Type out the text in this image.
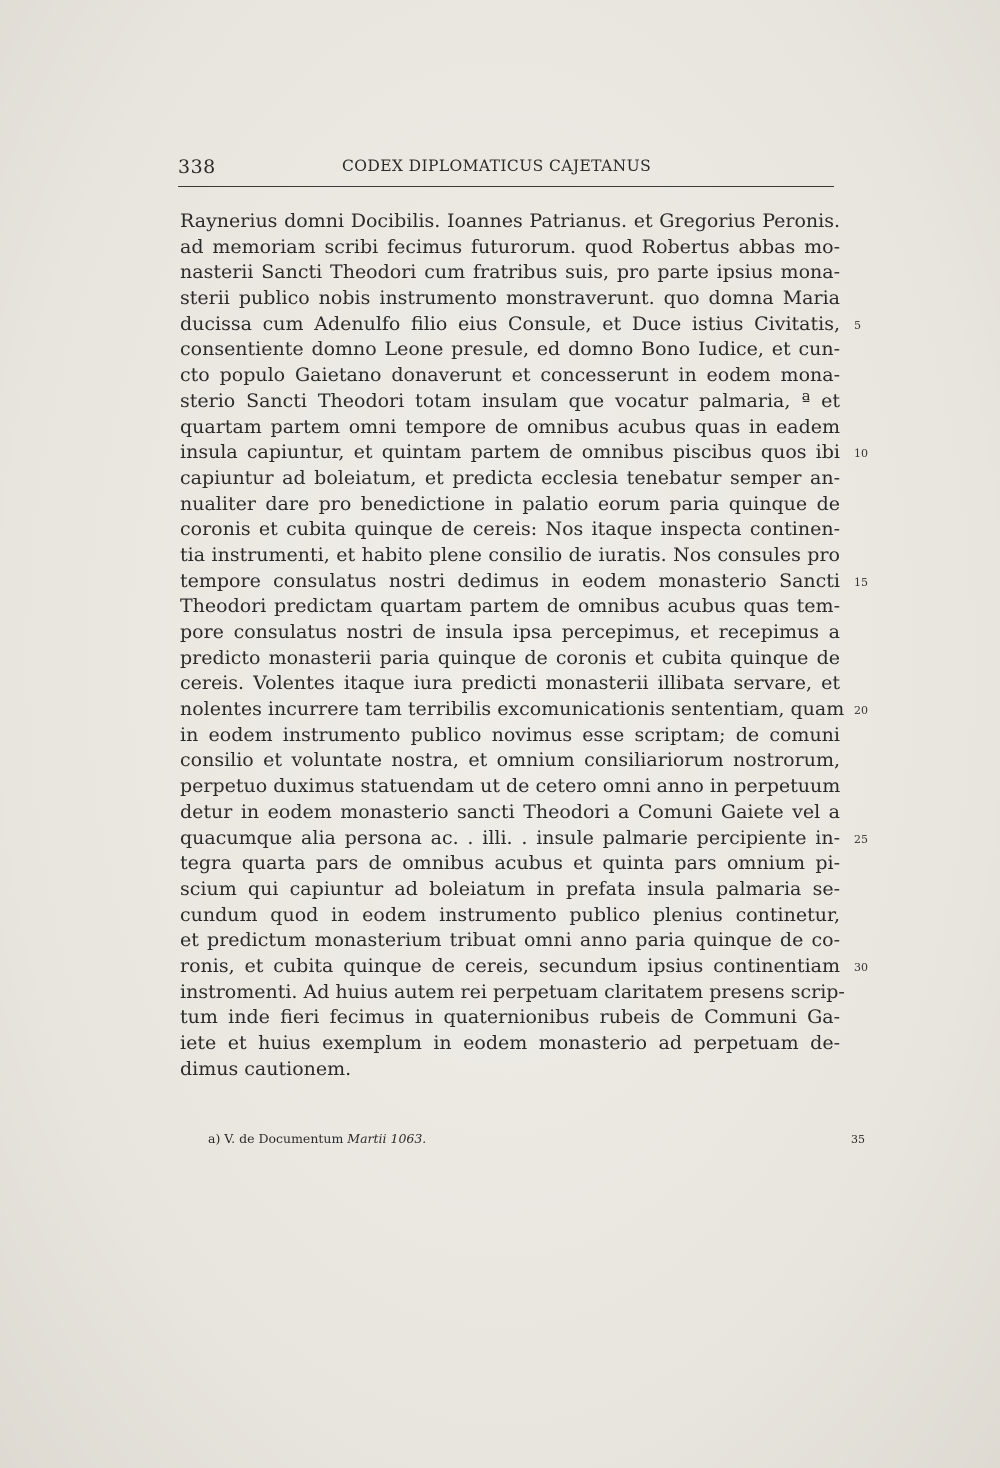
338	CODEX DIPLOMATICUS CAJETANUS
Raynerius domni Docibilis. Ioannes Patrianus. et Gregorius Peronis.
ad memoriam scribi fecimus futurorum. quod Robertus abbas mo-
nasterii Sancti Theodori cum fratribus suis, pro parte ipsius mona-
sterii publico nobis instrumento monstraverunt. quo domna Maria
ducissa cum Adenulfo filio eius Consule, et Duce istius Civitatis,
consentiente domno Leone presule, ed domno Bono Iudice, et cun-
cto populo Gaietano donaverunt et concesserunt in eodem mona-
sterio Sancti Theodori totam insulam que vocatur palmaria, ª et
quartam partem omni tempore de omnibus acubus quas in eadem
insula capiuntur, et quintam partem de omnibus piscibus quos ibi
capiuntur ad boleiatum, et predicta ecclesia tenebatur semper an-
nualiter dare pro benedictione in palatio eorum paria quinque de
coronis et cubita quinque de cereis: Nos itaque inspecta continen-
tia instrumenti, et habito plene consilio de iuratis. Nos consules pro
tempore consulatus nostri dedimus in eodem monasterio Sancti
Theodori predictam quartam partem de omnibus acubus quas tem-
pore consulatus nostri de insula ipsa percepimus, et recepimus a
predicto monasterii paria quinque de coronis et cubita quinque de
cereis. Volentes itaque iura predicti monasterii illibata servare, et
nolentes incurrere tam terribilis excomunicationis sententiam, quam
in eodem instrumento publico novimus esse scriptam; de comuni
consilio et voluntate nostra, et omnium consiliariorum nostrorum,
perpetuo duximus statuendam ut de cetero omni anno in perpetuum
detur in eodem monasterio sancti Theodori a Comuni Gaiete vel a
quacumque alia persona ac. . illi. . insule palmarie percipiente in-
tegra quarta pars de omnibus acubus et quinta pars omnium pi-
scium qui capiuntur ad boleiatum in prefata insula palmaria se-
cundum quod in eodem instrumento publico plenius continetur,
et predictum monasterium tribuat omni anno paria quinque de co-
ronis, et cubita quinque de cereis, secundum ipsius continentiam
instromenti. Ad huius autem rei perpetuam claritatem presens scrip-
tum inde fieri fecimus in quaternionibus rubeis de Communi Ga-
iete et huius exemplum in eodem monasterio ad perpetuam de-
dimus cautionem.
5
10
15
20
25
30
a) V. de Documentum Martii 1063.	35
